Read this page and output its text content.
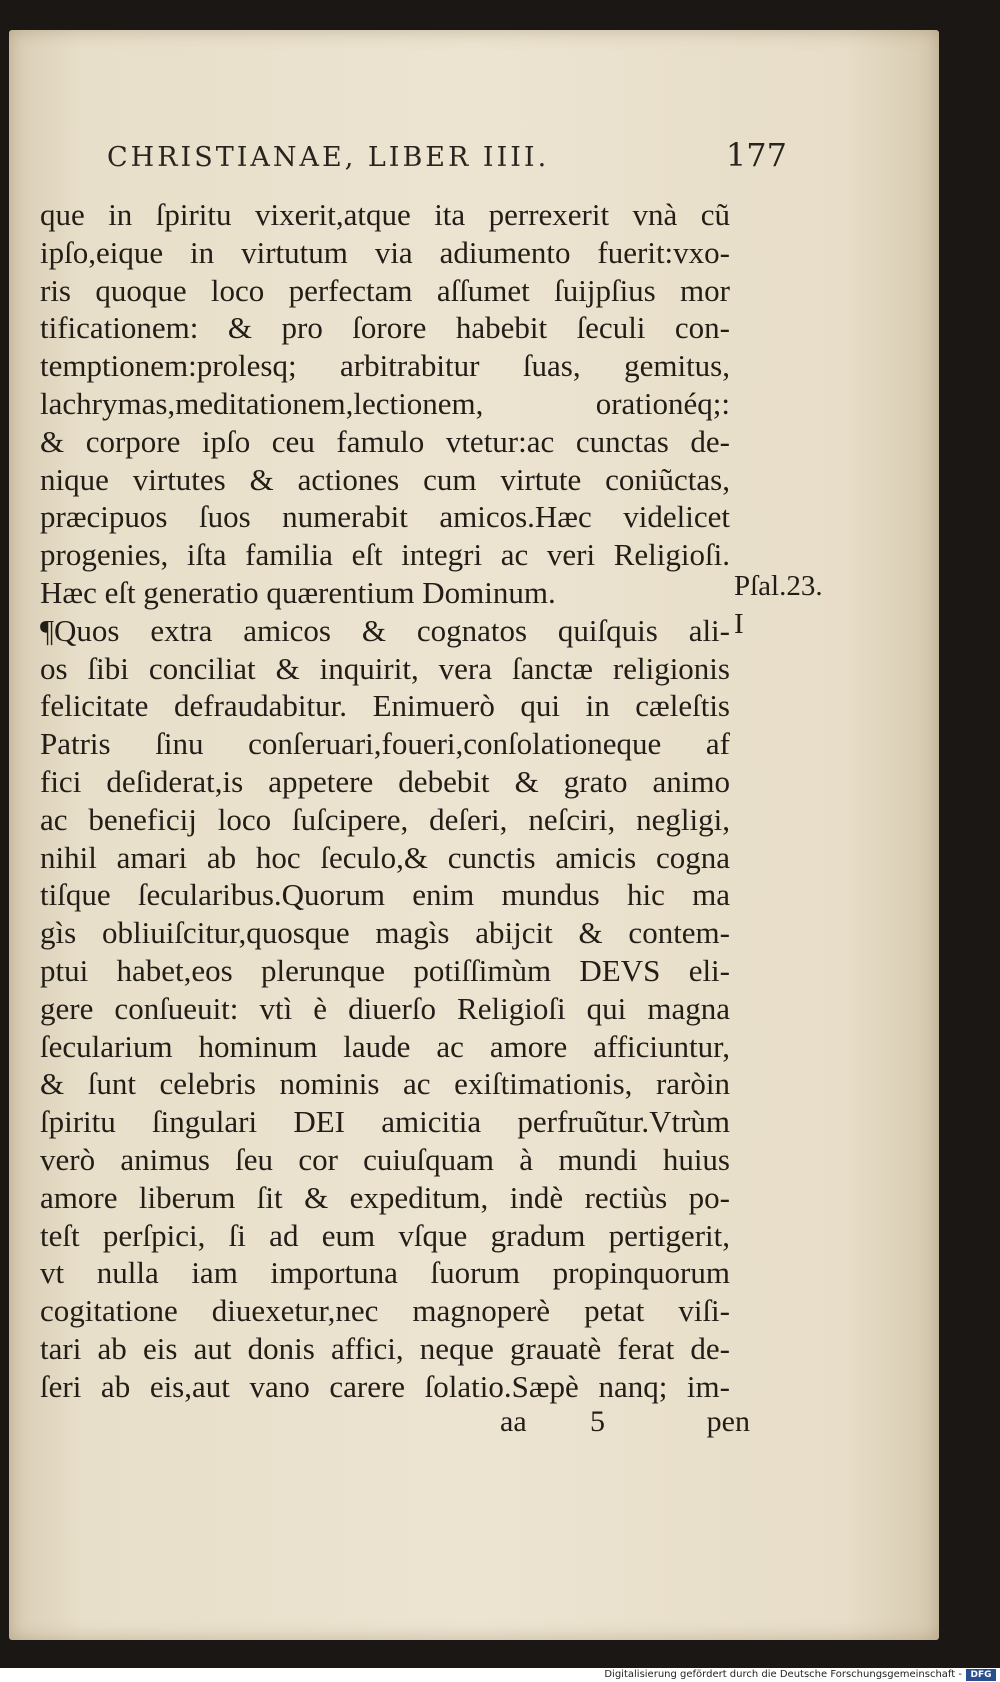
CHRISTIANAE, LIBER IIII.	177
que in ſpiritu vixerit,atque ita perrexerit vnà cũ
ipſo,eique in virtutum via adiumento fuerit:vxo-
ris quoque loco perfectam aſſumet ſuijpſius mor
tificationem: & pro ſorore habebit ſeculi con-
temptionem:prolesq; arbitrabitur ſuas, gemitus,
lachrymas,meditationem,lectionem, orationéq;:
& corpore ipſo ceu famulo vtetur:ac cunctas de-
nique virtutes & actiones cum virtute coniũctas,
præcipuos ſuos numerabit amicos.Hæc videlicet
progenies, iſta familia eſt integri ac veri Religioſi.
Hæc eſt generatio quærentium Dominum.
¶Quos extra amicos & cognatos quiſquis ali-
os ſibi conciliat & inquirit, vera ſanctæ religionis
felicitate defraudabitur. Enimuerò qui in cæleſtis
Patris ſinu conſeruari,foueri,conſolationeque af
fici deſiderat,is appetere debebit & grato animo
ac beneficij loco ſuſcipere, deſeri, neſciri, negligi,
nihil amari ab hoc ſeculo,& cunctis amicis cogna
tiſque ſecularibus.Quorum enim mundus hic ma
gìs obliuiſcitur,quosque magìs abijcit & contem-
ptui habet,eos plerunque potiſſimùm DEVS eli-
gere conſueuit: vtì è diuerſo Religioſi qui magna
ſecularium hominum laude ac amore afficiuntur,
& ſunt celebris nominis ac exiſtimationis, raròin
ſpiritu ſingulari DEI amicitia perfruũtur.Vtrùm
verò animus ſeu cor cuiuſquam à mundi huius
amore liberum ſit & expeditum, indè rectiùs po-
teſt perſpici, ſi ad eum vſque gradum pertigerit,
vt nulla iam importuna ſuorum propinquorum
cogitatione diuexetur,nec magnoperè petat viſi-
tari ab eis aut donis affici, neque grauatè ferat de-
ſeri ab eis,aut vano carere ſolatio.Sæpè nanq; im-
Pſal.23.
I
aa 5	pen
Digitalisierung gefördert durch die Deutsche Forschungsgemeinschaft - DFG
